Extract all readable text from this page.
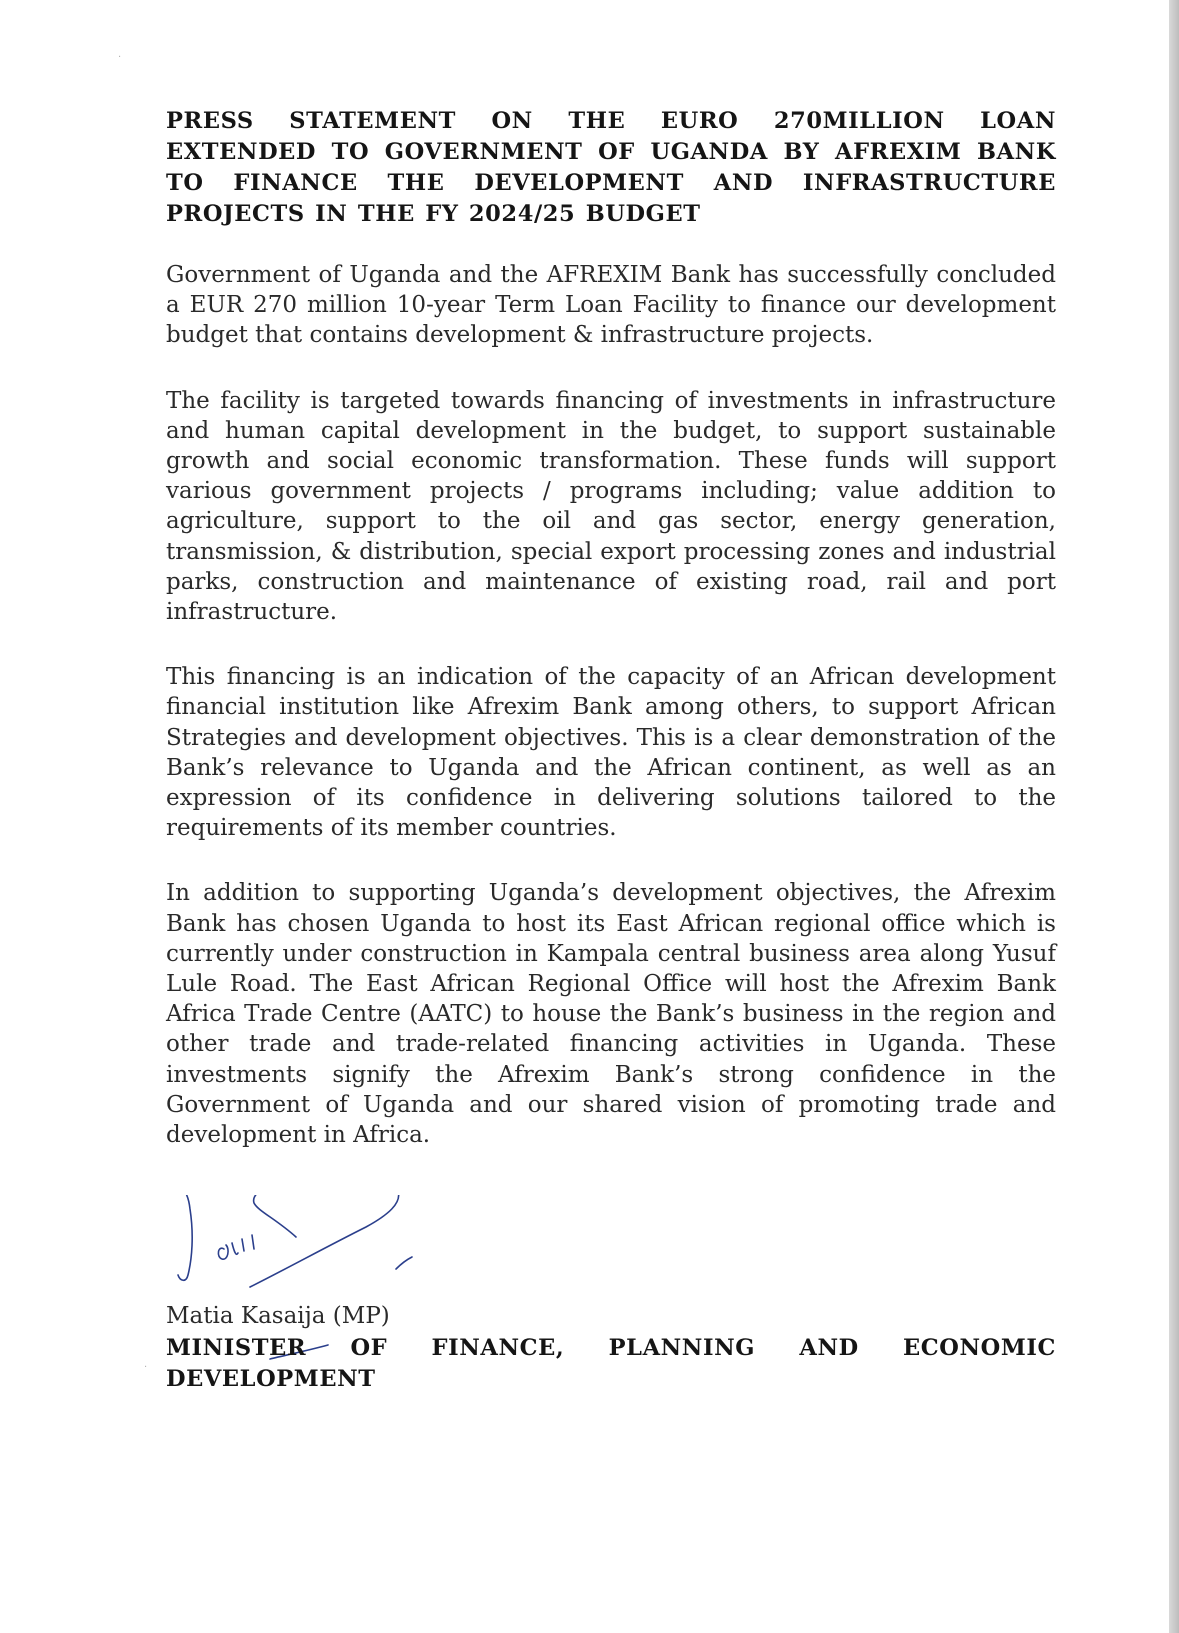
PRESS STATEMENT ON THE EURO 270MILLION LOAN EXTENDED TO GOVERNMENT OF UGANDA BY AFREXIM BANK TO FINANCE THE DEVELOPMENT AND INFRASTRUCTURE PROJECTS IN THE FY 2024/25 BUDGET

Government of Uganda and the AFREXIM Bank has successfully concluded a EUR 270 million 10-year Term Loan Facility to finance our development budget that contains development & infrastructure projects.

The facility is targeted towards financing of investments in infrastructure and human capital development in the budget, to support sustainable growth and social economic transformation. These funds will support various government projects / programs including; value addition to agriculture, support to the oil and gas sector, energy generation, transmission, & distribution, special export processing zones and industrial parks, construction and maintenance of existing road, rail and port infrastructure.

This financing is an indication of the capacity of an African development financial institution like Afrexim Bank among others, to support African Strategies and development objectives. This is a clear demonstration of the Bank’s relevance to Uganda and the African continent, as well as an expression of its confidence in delivering solutions tailored to the requirements of its member countries.

In addition to supporting Uganda’s development objectives, the Afrexim Bank has chosen Uganda to host its East African regional office which is currently under construction in Kampala central business area along Yusuf Lule Road. The East African Regional Office will host the Afrexim Bank Africa Trade Centre (AATC) to house the Bank’s business in the region and other trade and trade-related financing activities in Uganda. These investments signify the Afrexim Bank’s strong confidence in the Government of Uganda and our shared vision of promoting trade and development in Africa.

Matia Kasaija (MP)
MINISTER OF FINANCE, PLANNING AND ECONOMIC DEVELOPMENT
·
·
